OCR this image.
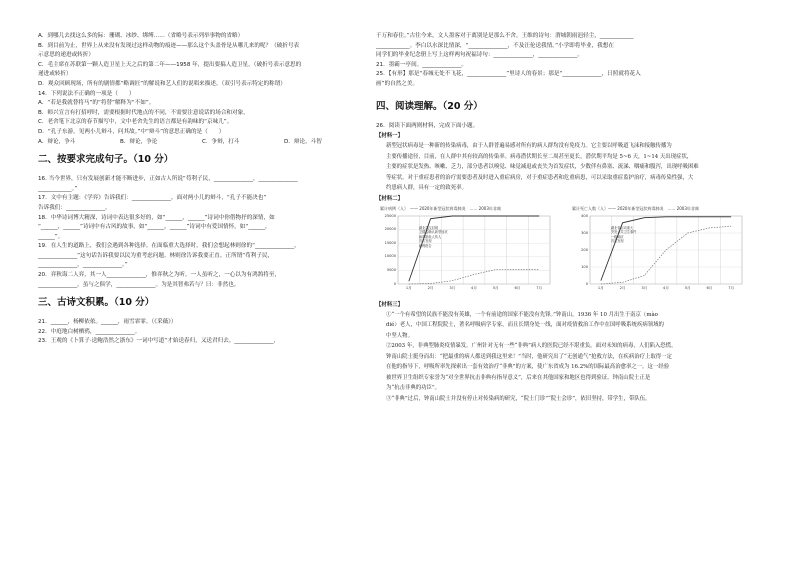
A．到哪儿去找这么多的际：珊瑚、冰纱、绑缚……（省略号表示列举事物的省略）
B．到目前为止，世界上从来没有发现过这样动物的痕迹——那么这个头盖骨是从哪儿来的呢？（破折号表
示意思的递进或转折）
C．毛主席在苏联第一颗人造卫星上天之后的第二年——1958 年，提出要搞人造卫星。（破折号表示意思的
递进或转折）
D．观众回顾现场，所有的剧情都“略调匠”的解说和艺人们的说唱来描述。（双引号表示特定的称谓）
14．下列说法不正确的一项是（　　）
A．“若是我就替将马”的“将替”解释为“不如”。
B．师兴宣言有打招呼时，需要根据时代地点的不同，不需要注意说话的场合和对象。
C．老舍笔下北京的春节描写中，文中老舍先生的语言都是有韵味的“京味儿”。
D．“孔子东游，见两小儿辩斗，问其故。”中“辩斗”的意思正确的是（　　）
A．辩论，争斗	B．辩论，争论	C．争辩，打斗	D．辩论，斗智
二、按要求完成句子。（10 分）
16. 当今世界，只有发展创新才能不断进步，正如古人所说“苟利子民，______________，______________
____________。”
17．文中有主题：《学弈》告诉我们：______________，面对两小儿的辩斗，“孔子不能决也”
告诉我们：______________。
18．中华诗词博大精深，诗词中表达很多好的，如“______，______”诗词中你借物抒的深情，如
“______，______”诗词中有古风的故事，如“______，______”诗词中有爱国情怀，如“______，
______”。
19．在人生的道路上，我们会遇到各种选择。在面临重大选择时，我们会想起林则徐的“______________，
______________”这句话告诉我要以民为重考虑问题。林则徐告诉我要正直。正所谓“苟利子民，
______________，______________。”
20．弈秋诲二人弈，其一人______________，惟弈秋之为听。一人虽听之，一心以为有鸿鹄将至，
______________，虽与之俱学，______________。为是其智弗若与？曰：非然也。
三、古诗文积累。（10 分）
21．______，杨柳依依。______，雨雪霏霏。（《采薇》）
22．中庭地白树栖鸦，______________。
23．王观的《卜算子·送鲍浩然之浙东》一词中写道“才始送春归，又送君归去。______________，
千万和春住。”古往今来，文人墨客对于离别是是那么不舍，王维的诗句：渭城朝雨浥轻尘，____________
____________。李白以水深比情深，“______________，不及汪伦送我情。”小学即将毕业，我想在
同学们的毕业纪念册上写上这样两句祝福诗句：______________，______________。
21．墨霸一亭间。______________。
25．【有形】那是“春城无处不飞花，______________”里诗人的春景；那是“______________，日照就将花入
画”的自然之美。
四、阅读理解。（20 分）
26．阅读下面两则材料，完成下面小题。
【材料一】
新型冠状病毒是一种新的传染病毒，由于人群普遍易感对所有的病人群均没有免疫力。它主要以呼吸道飞沫和接触传播为
主要传播途径，目前，在人群中其有较高的传染率。病毒潜伏期长至二周甚至更长，潜伏期平均是 5~6 天，1~14 天出现症状，
主要的症状是发热、咳嗽、乏力，部分患者以嗅觉、味觉减退或丧失为首发症状，少数伴有鼻塞、流涕、咽痛和腹泻，出现呼吸困难
等症状。对于重症患者的治疗需要患者及时进入重症病房，对于重症患者和危重病患，可以采取重症监护治疗，病毒传染性强，大
约患病人群，具有一定的致死率。
【材料二】
累计病例（人）　—— 2020年新型冠状病毒肺炎　…… 2003年非典
25000
20000
15000
10000
5000
0
1月	2月	3月	4月	5月	6月	7月
湖北武汉封城
卫健委确认新型冠状
病毒肺炎人传人
首次发现
病例报告
累计死亡人数（人）—— 2020年新型冠状病毒肺炎　…… 2003年非典
400
300
200
100
0
1月	2月	3月	4月	5月	6月	7月
湖北省启动重大
突发公共卫生事件
一级响应
首次发现
【材料三】
①“一个有希望的民族不能没有英雄，一个有前途的国家不能没有先锋。”钟南山，1936 年 10 月出生于南京（mào
dié）老人，中国工程院院士，著名呼吸病学专家，而且长期身处一线，面对疫情救治工作中在国呼吸系统疾病领域的
中坚人物。
②2003 年，非典型肺炎疫情暴发。广州针对无有一些“非典”病人的医院已经不堪重负。面对未知的病毒，人们陷入恐慌。
钟南山院士挺身而出：“把最重的病人都送到我这里来！”当时，他研究出了“无创通气”抢救方法，在疾病治疗上取得一定
在他的指导下，呼吸所率先探索出一套有效治疗“非典”的方案，使广东省成为 16.2%的国际最高治愈率之一。这一经验
被世界卫生组织专家誉为“对全世界抗击非典有指导意义”，后来在其他国家和地区也得到验证。钟南山院士正是
为“抗击非典的功臣”。
③“非典”过后，钟南山院士并没有停止对传染病的研究，“院士门诊”“院士会诊”，依旧坚持，带学生，带队伍。
